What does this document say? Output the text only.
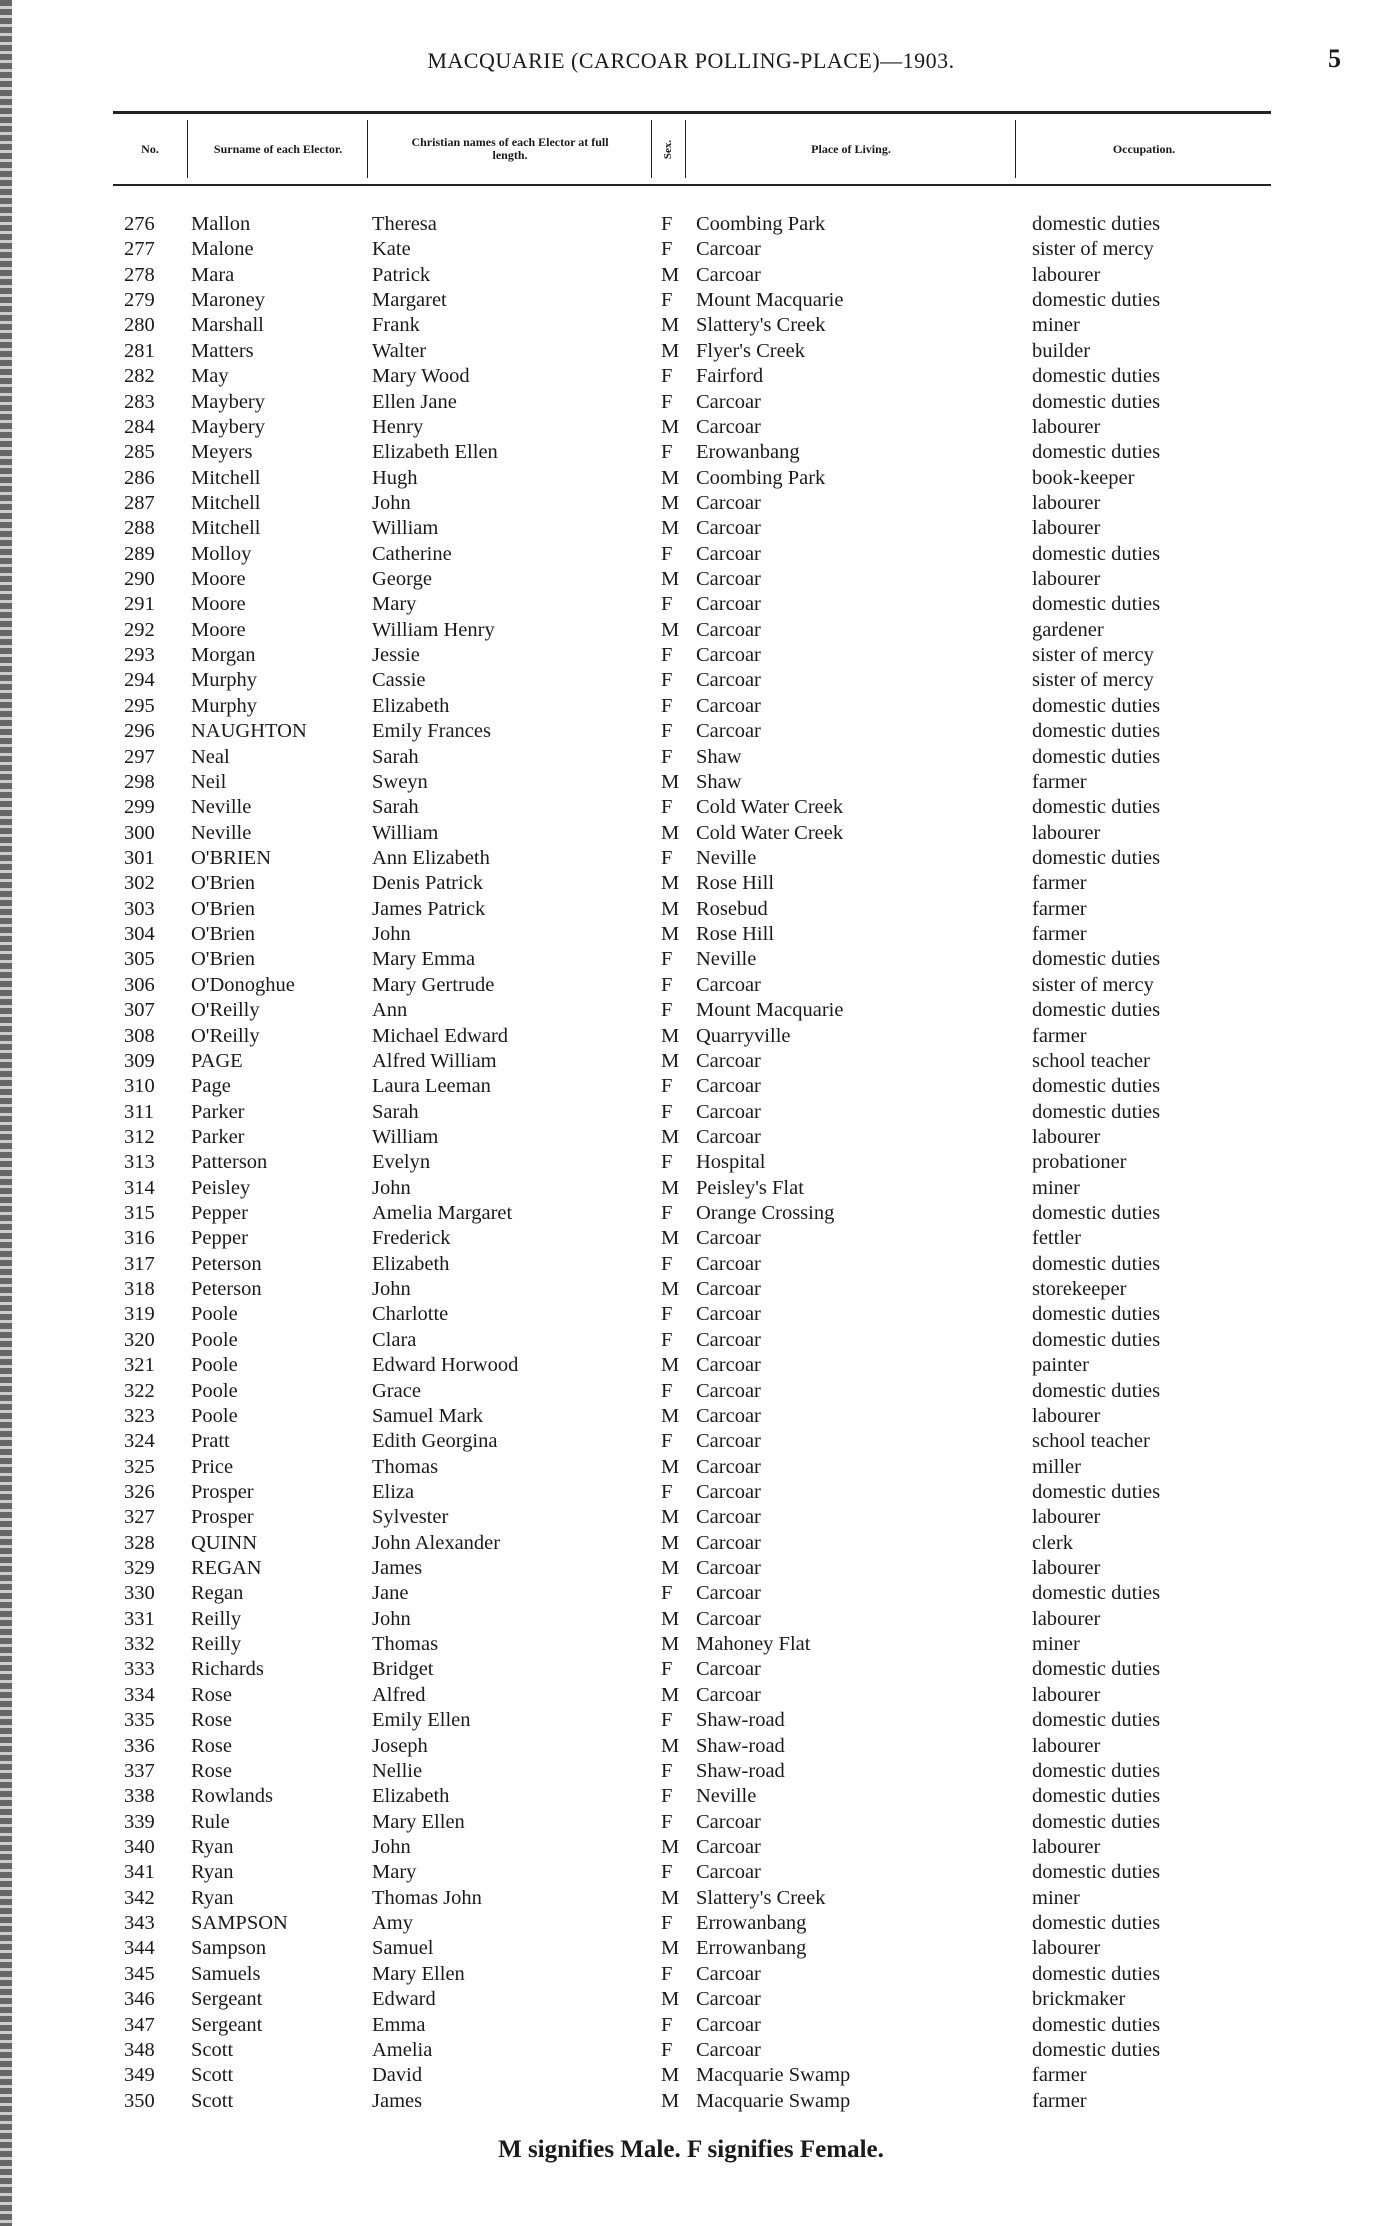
MACQUARIE (CARCOAR POLLING-PLACE)—1903.	5
No.	Surname of each Elector.	Christian names of each Elector at full length.	Sex.	Place of Living.	Occupation.
276 Mallon	Theresa	F Coombing Park	domestic duties
277 Malone	Kate	F Carcoar	sister of mercy
278 Mara	Patrick	M Carcoar	labourer
279 Maroney	Margaret	F Mount Macquarie	domestic duties
280 Marshall	Frank	M Slattery's Creek	miner
281 Matters	Walter	M Flyer's Creek	builder
282 May	Mary Wood	F Fairford	domestic duties
283 Maybery	Ellen Jane	F Carcoar	domestic duties
284 Maybery	Henry	M Carcoar	labourer
285 Meyers	Elizabeth Ellen	F Erowanbang	domestic duties
286 Mitchell	Hugh	M Coombing Park	book-keeper
287 Mitchell	John	M Carcoar	labourer
288 Mitchell	William	M Carcoar	labourer
289 Molloy	Catherine	F Carcoar	domestic duties
290 Moore	George	M Carcoar	labourer
291 Moore	Mary	F Carcoar	domestic duties
292 Moore	William Henry	M Carcoar	gardener
293 Morgan	Jessie	F Carcoar	sister of mercy
294 Murphy	Cassie	F Carcoar	sister of mercy
295 Murphy	Elizabeth	F Carcoar	domestic duties
296 NAUGHTON	Emily Frances	F Carcoar	domestic duties
297 Neal	Sarah	F Shaw	domestic duties
298 Neil	Sweyn	M Shaw	farmer
299 Neville	Sarah	F Cold Water Creek	domestic duties
300 Neville	William	M Cold Water Creek	labourer
301 O'BRIEN	Ann Elizabeth	F Neville	domestic duties
302 O'Brien	Denis Patrick	M Rose Hill	farmer
303 O'Brien	James Patrick	M Rosebud	farmer
304 O'Brien	John	M Rose Hill	farmer
305 O'Brien	Mary Emma	F Neville	domestic duties
306 O'Donoghue	Mary Gertrude	F Carcoar	sister of mercy
307 O'Reilly	Ann	F Mount Macquarie	domestic duties
308 O'Reilly	Michael Edward	M Quarryville	farmer
309 PAGE	Alfred William	M Carcoar	school teacher
310 Page	Laura Leeman	F Carcoar	domestic duties
311 Parker	Sarah	F Carcoar	domestic duties
312 Parker	William	M Carcoar	labourer
313 Patterson	Evelyn	F Hospital	probationer
314 Peisley	John	M Peisley's Flat	miner
315 Pepper	Amelia Margaret	F Orange Crossing	domestic duties
316 Pepper	Frederick	M Carcoar	fettler
317 Peterson	Elizabeth	F Carcoar	domestic duties
318 Peterson	John	M Carcoar	storekeeper
319 Poole	Charlotte	F Carcoar	domestic duties
320 Poole	Clara	F Carcoar	domestic duties
321 Poole	Edward Horwood	M Carcoar	painter
322 Poole	Grace	F Carcoar	domestic duties
323 Poole	Samuel Mark	M Carcoar	labourer
324 Pratt	Edith Georgina	F Carcoar	school teacher
325 Price	Thomas	M Carcoar	miller
326 Prosper	Eliza	F Carcoar	domestic duties
327 Prosper	Sylvester	M Carcoar	labourer
328 QUINN	John Alexander	M Carcoar	clerk
329 REGAN	James	M Carcoar	labourer
330 Regan	Jane	F Carcoar	domestic duties
331 Reilly	John	M Carcoar	labourer
332 Reilly	Thomas	M Mahoney Flat	miner
333 Richards	Bridget	F Carcoar	domestic duties
334 Rose	Alfred	M Carcoar	labourer
335 Rose	Emily Ellen	F Shaw-road	domestic duties
336 Rose	Joseph	M Shaw-road	labourer
337 Rose	Nellie	F Shaw-road	domestic duties
338 Rowlands	Elizabeth	F Neville	domestic duties
339 Rule	Mary Ellen	F Carcoar	domestic duties
340 Ryan	John	M Carcoar	labourer
341 Ryan	Mary	F Carcoar	domestic duties
342 Ryan	Thomas John	M Slattery's Creek	miner
343 SAMPSON	Amy	F Errowanbang	domestic duties
344 Sampson	Samuel	M Errowanbang	labourer
345 Samuels	Mary Ellen	F Carcoar	domestic duties
346 Sergeant	Edward	M Carcoar	brickmaker
347 Sergeant	Emma	F Carcoar	domestic duties
348 Scott	Amelia	F Carcoar	domestic duties
349 Scott	David	M Macquarie Swamp	farmer
350 Scott	James	M Macquarie Swamp	farmer
M signifies Male. F signifies Female.
